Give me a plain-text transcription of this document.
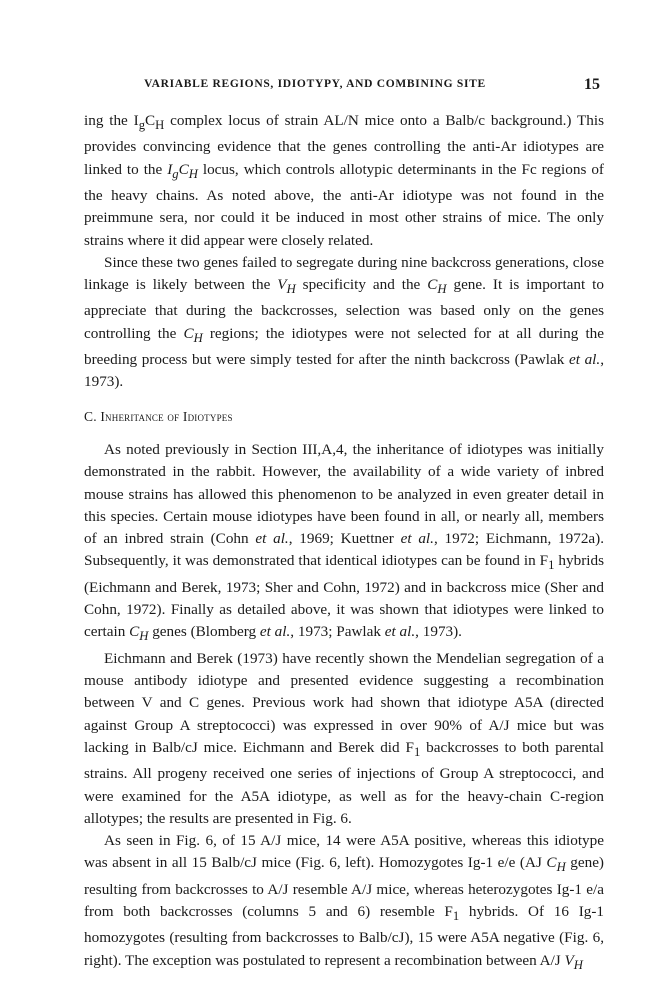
VARIABLE REGIONS, IDIOTYPY, AND COMBINING SITE	15

ing the $I_gC_H$ complex locus of strain AL/N mice onto a Balb/c background.) This provides convincing evidence that the genes controlling the anti-Ar idiotypes are linked to the $I_gC_H$ locus, which controls allotypic determinants in the Fc regions of the heavy chains. As noted above, the anti-Ar idiotype was not found in the preimmune sera, nor could it be induced in most other strains of mice. The only strains where it did appear were closely related.

Since these two genes failed to segregate during nine backcross generations, close linkage is likely between the $V_H$ specificity and the $C_H$ gene. It is important to appreciate that during the backcrosses, selection was based only on the genes controlling the $C_H$ regions; the idiotypes were not selected for at all during the breeding process but were simply tested for after the ninth backcross (Pawlak et al., 1973).

C. Inheritance of Idiotypes

As noted previously in Section III,A,4, the inheritance of idiotypes was initially demonstrated in the rabbit. However, the availability of a wide variety of inbred mouse strains has allowed this phenomenon to be analyzed in even greater detail in this species. Certain mouse idiotypes have been found in all, or nearly all, members of an inbred strain (Cohn et al., 1969; Kuettner et al., 1972; Eichmann, 1972a). Subsequently, it was demonstrated that identical idiotypes can be found in $F_1$ hybrids (Eichmann and Berek, 1973; Sher and Cohn, 1972) and in backcross mice (Sher and Cohn, 1972). Finally as detailed above, it was shown that idiotypes were linked to certain $C_H$ genes (Blomberg et al., 1973; Pawlak et al., 1973).

Eichmann and Berek (1973) have recently shown the Mendelian segregation of a mouse antibody idiotype and presented evidence suggesting a recombination between V and C genes. Previous work had shown that idiotype A5A (directed against Group A streptococci) was expressed in over 90% of A/J mice but was lacking in Balb/cJ mice. Eichmann and Berek did $F_1$ backcrosses to both parental strains. All progeny received one series of injections of Group A streptococci, and were examined for the A5A idiotype, as well as for the heavy-chain C-region allotypes; the results are presented in Fig. 6.

As seen in Fig. 6, of 15 A/J mice, 14 were A5A positive, whereas this idiotype was absent in all 15 Balb/cJ mice (Fig. 6, left). Homozygotes Ig-1 e/e (AJ $C_H$ gene) resulting from backcrosses to A/J resemble A/J mice, whereas heterozygotes Ig-1 e/a from both backcrosses (columns 5 and 6) resemble $F_1$ hybrids. Of 16 Ig-1 homozygotes (resulting from backcrosses to Balb/cJ), 15 were A5A negative (Fig. 6, right). The exception was postulated to represent a recombination between A/J $V_H$
